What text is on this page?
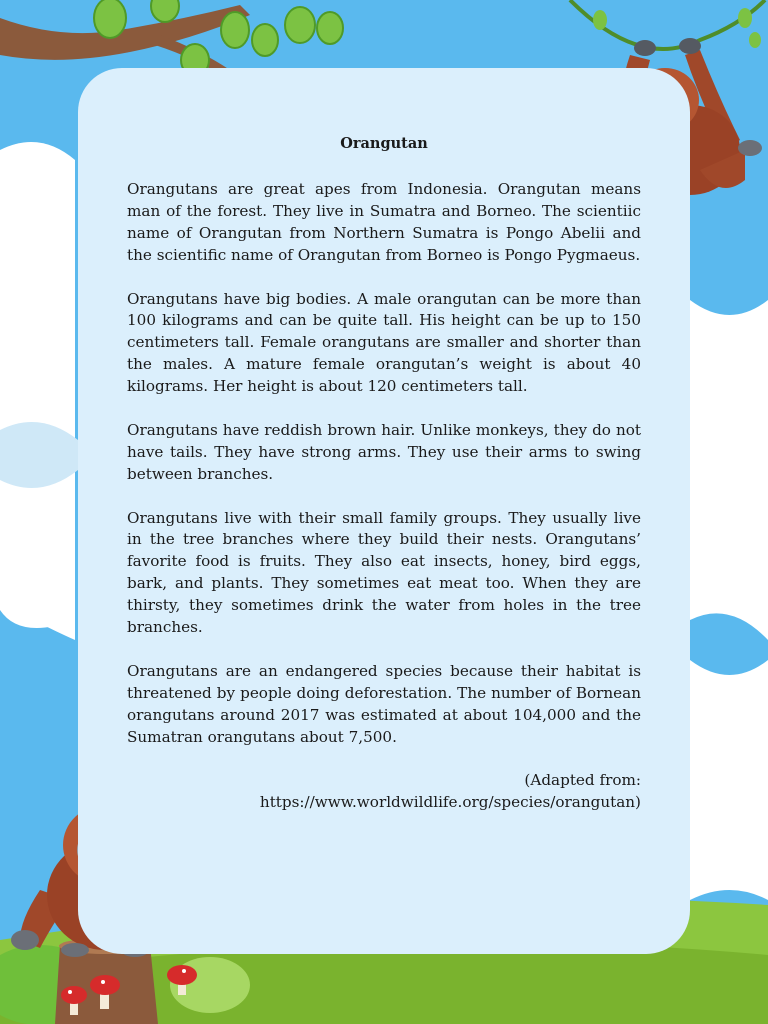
Orangutan

Orangutans are great apes from Indonesia. Orangutan means man of the forest. They live in Sumatra and Borneo. The scientiic name of Orangutan from Northern Sumatra is Pongo Abelii and the scientific name of Orangutan from Borneo is Pongo Pygmaeus.

Orangutans have big bodies. A male orangutan can be more than 100 kilograms and can be quite tall. His height can be up to 150 centimeters tall. Female orangutans are smaller and shorter than the males. A mature female orangutan’s weight is about 40 kilograms. Her height is about 120 centimeters tall.

Orangutans have reddish brown hair. Unlike monkeys, they do not have tails. They have strong arms. They use their arms to swing between branches.

Orangutans live with their small family groups. They usually live in the tree branches where they build their nests. Orangutans’ favorite food is fruits. They also eat insects, honey, bird eggs, bark, and plants. They sometimes eat meat too. When they are thirsty, they sometimes drink the water from holes in the tree branches.

Orangutans are an endangered species because their habitat is threatened by people doing deforestation. The number of Bornean orangutans around 2017 was estimated at about 104,000 and the Sumatran orangutans about 7,500.

(Adapted from:
https://www.worldwildlife.org/species/orangutan)
